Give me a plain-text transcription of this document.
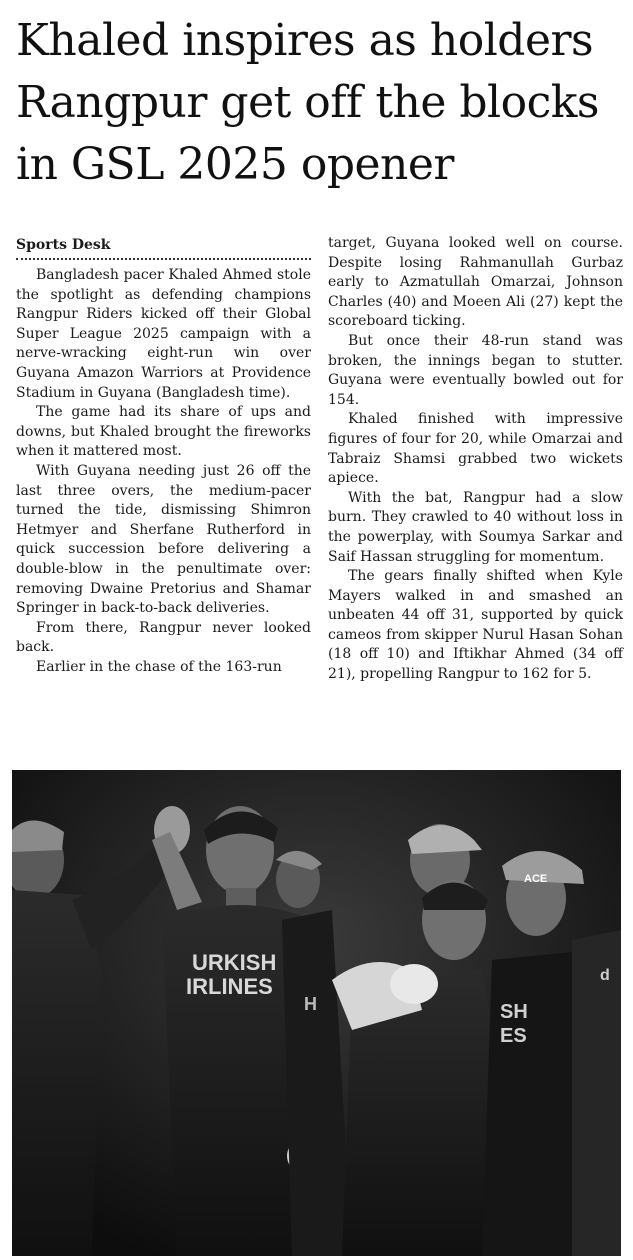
Khaled inspires as holders Rangpur get off the blocks in GSL 2025 opener
Sports Desk

Bangladesh pacer Khaled Ahmed stole the spotlight as defending champions Rangpur Riders kicked off their Global Super League 2025 campaign with a nerve-wracking eight-run win over Guyana Amazon Warriors at Providence Stadium in Guyana (Bangladesh time).

The game had its share of ups and downs, but Khaled brought the fireworks when it mattered most.

With Guyana needing just 26 off the last three overs, the medium-pacer turned the tide, dismissing Shimron Hetmyer and Sherfane Rutherford in quick succession before delivering a double-blow in the penultimate over: removing Dwaine Pretorius and Shamar Springer in back-to-back deliveries.

From there, Rangpur never looked back.

Earlier in the chase of the 163-run

target, Guyana looked well on course. Despite losing Rahmanullah Gurbaz early to Azmatullah Omarzai, Johnson Charles (40) and Moeen Ali (27) kept the scoreboard ticking.

But once their 48-run stand was broken, the innings began to stutter. Guyana were eventually bowled out for 154.

Khaled finished with impressive figures of four for 20, while Omarzai and Tabraiz Shamsi grabbed two wickets apiece.

With the bat, Rangpur had a slow burn. They crawled to 40 without loss in the powerplay, with Soumya Sarkar and Saif Hassan struggling for momentum.

The gears finally shifted when Kyle Mayers walked in and smashed an unbeaten 44 off 31, supported by quick cameos from skipper Nurul Hasan Sohan (18 off 10) and Iftikhar Ahmed (34 off 21), propelling Rangpur to 162 for 5.

URKISH
IRLINES
H
ACE
SH
ES
d
